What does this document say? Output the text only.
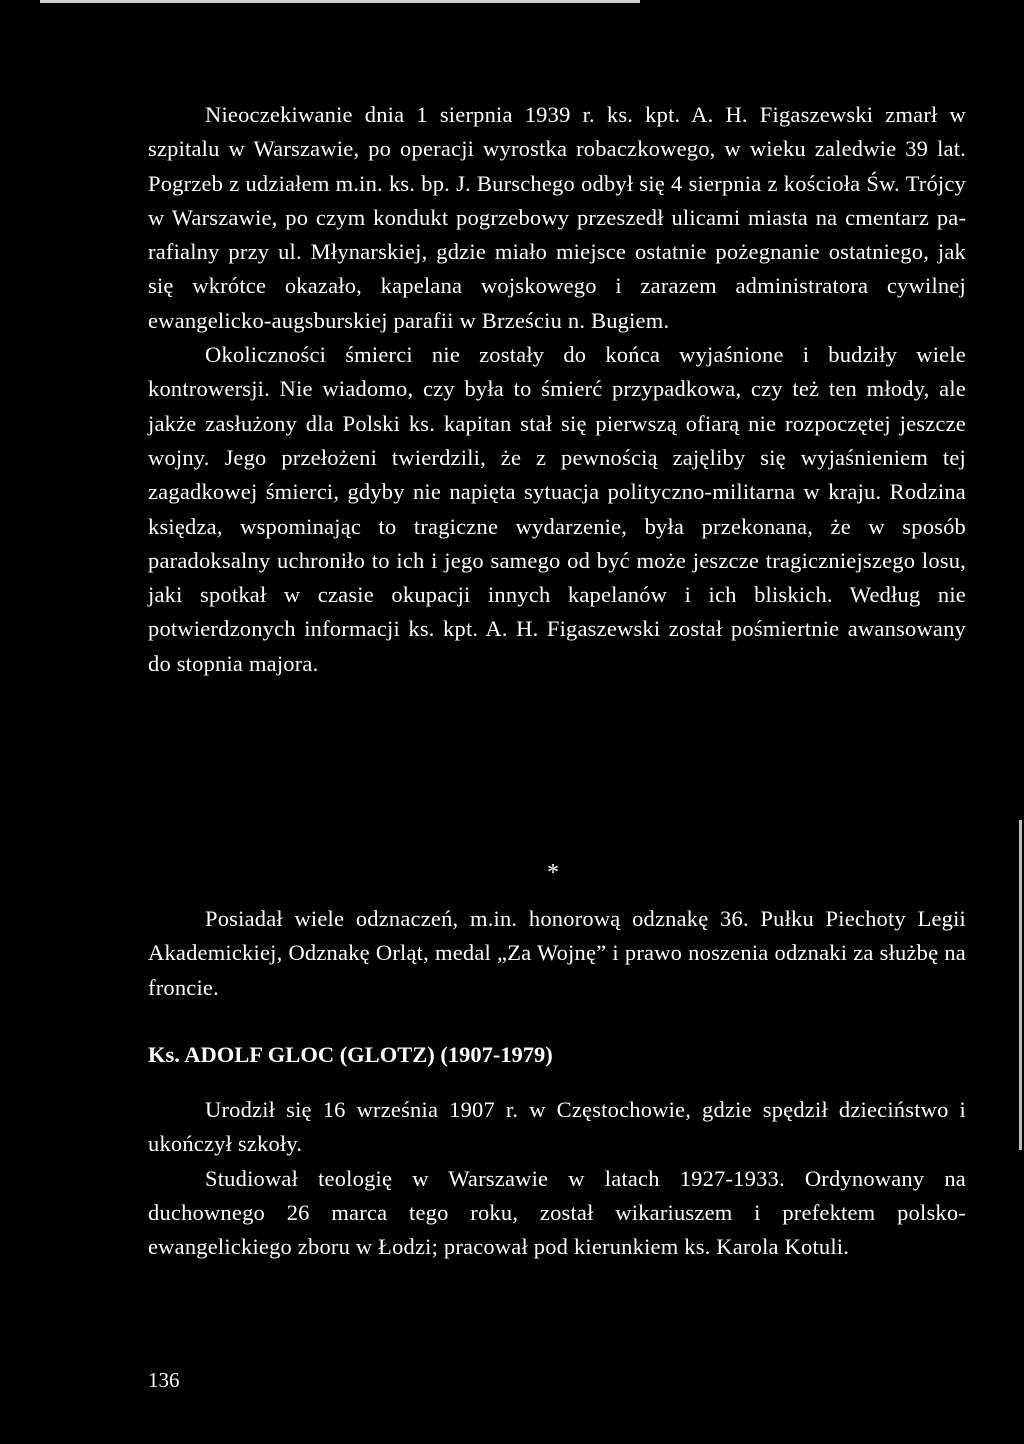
Nieoczekiwanie dnia 1 sierpnia 1939 r. ks. kpt. A. H. Figaszewski zmarł w szpitalu w Warszawie, po operacji wyrostka robaczkowego, w wieku zaledwie 39 lat. Pogrzeb z udziałem m.in. ks. bp. J. Burschego odbył się 4 sierpnia z kościoła Św. Trójcy w Warszawie, po czym kondukt pogrzebowy przeszedł ulicami miasta na cmentarz parafialny przy ul. Młynarskiej, gdzie miało miejsce ostatnie pożegnanie ostatniego, jak się wkrótce okazało, kapelana wojskowego i zarazem administratora cywilnej ewangelicko-augsburskiej parafii w Brześciu n. Bugiem.

Okoliczności śmierci nie zostały do końca wyjaśnione i budziły wiele kontrowersji. Nie wiadomo, czy była to śmierć przypadkowa, czy też ten młody, ale jakże zasłużony dla Polski ks. kapitan stał się pierwszą ofiarą nie rozpoczętej jeszcze wojny. Jego przełożeni twierdzili, że z pewnością zajęliby się wyjaśnieniem tej zagadkowej śmierci, gdyby nie napięta sytuacja polityczno-militarna w kraju. Rodzina księdza, wspominając to tragiczne wydarzenie, była przekonana, że w sposób paradoksalny uchroniło to ich i jego samego od być może jeszcze tragiczniejszego losu, jaki spotkał w czasie okupacji innych kapelanów i ich bliskich. Według nie potwierdzonych informacji ks. kpt. A. H. Figaszewski został pośmiertnie awansowany do stopnia majora.

*

Posiadał wiele odznaczeń, m.in. honorową odznakę 36. Pułku Piechoty Legii Akademickiej, Odznakę Orląt, medal „Za Wojnę” i prawo noszenia odznaki za służbę na froncie.

Ks. ADOLF GLOC (GLOTZ) (1907-1979)

Urodził się 16 września 1907 r. w Częstochowie, gdzie spędził dzieciństwo i ukończył szkoły.

Studiował teologię w Warszawie w latach 1927-1933. Ordynowany na duchownego 26 marca tego roku, został wikariuszem i prefektem polsko-ewangelickiego zboru w Łodzi; pracował pod kierunkiem ks. Karola Kotuli.

136
